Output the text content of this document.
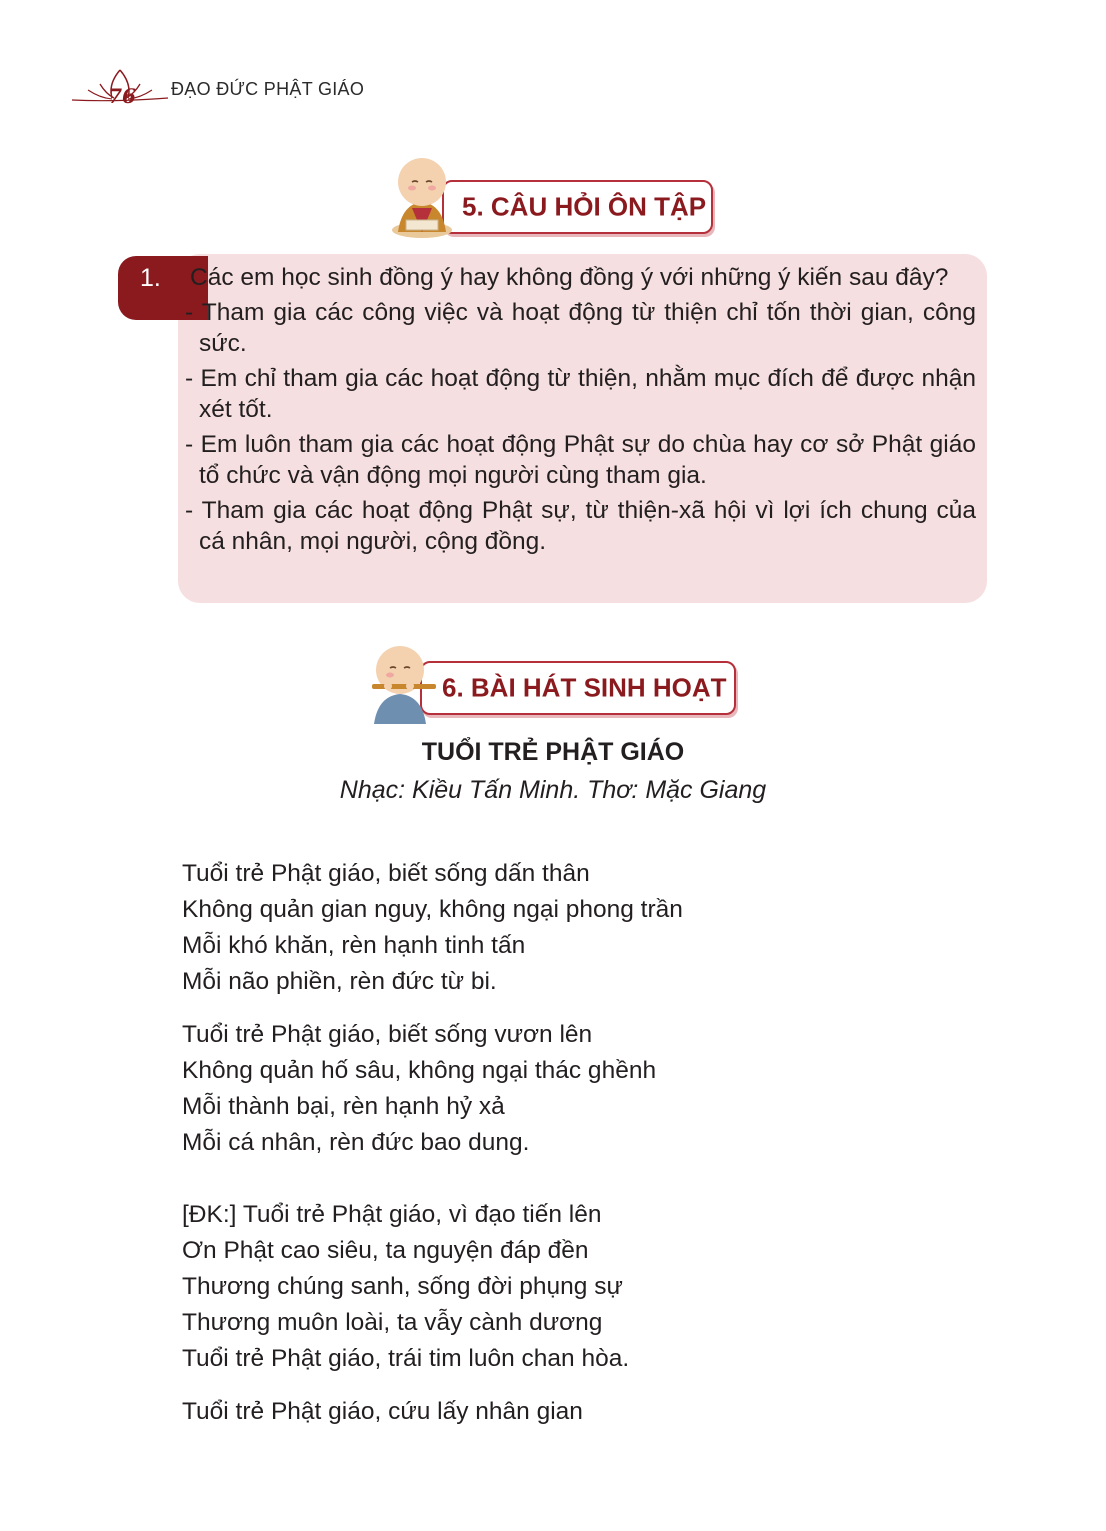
76 ĐẠO ĐỨC PHẬT GIÁO
5. CÂU HỎI ÔN TẬP
1.	Các em học sinh đồng ý hay không đồng ý với những ý kiến sau đây?
- Tham gia các công việc và hoạt động từ thiện chỉ tốn thời gian, công sức.
- Em chỉ tham gia các hoạt động từ thiện, nhằm mục đích để được nhận xét tốt.
- Em luôn tham gia các hoạt động Phật sự do chùa hay cơ sở Phật giáo tổ chức và vận động mọi người cùng tham gia.
- Tham gia các hoạt động Phật sự, từ thiện-xã hội vì lợi ích chung của cá nhân, mọi người, cộng đồng.
6. BÀI HÁT SINH HOẠT
TUỔI TRẺ PHẬT GIÁO
Nhạc: Kiều Tấn Minh. Thơ: Mặc Giang
Tuổi trẻ Phật giáo, biết sống dấn thân
Không quản gian nguy, không ngại phong trần
Mỗi khó khăn, rèn hạnh tinh tấn
Mỗi não phiền, rèn đức từ bi.
Tuổi trẻ Phật giáo, biết sống vươn lên
Không quản hố sâu, không ngại thác ghềnh
Mỗi thành bại, rèn hạnh hỷ xả
Mỗi cá nhân, rèn đức bao dung.
[ĐK:] Tuổi trẻ Phật giáo, vì đạo tiến lên
Ơn Phật cao siêu, ta nguyện đáp đền
Thương chúng sanh, sống đời phụng sự
Thương muôn loài, ta vẫy cành dương
Tuổi trẻ Phật giáo, trái tim luôn chan hòa.
Tuổi trẻ Phật giáo, cứu lấy nhân gian
